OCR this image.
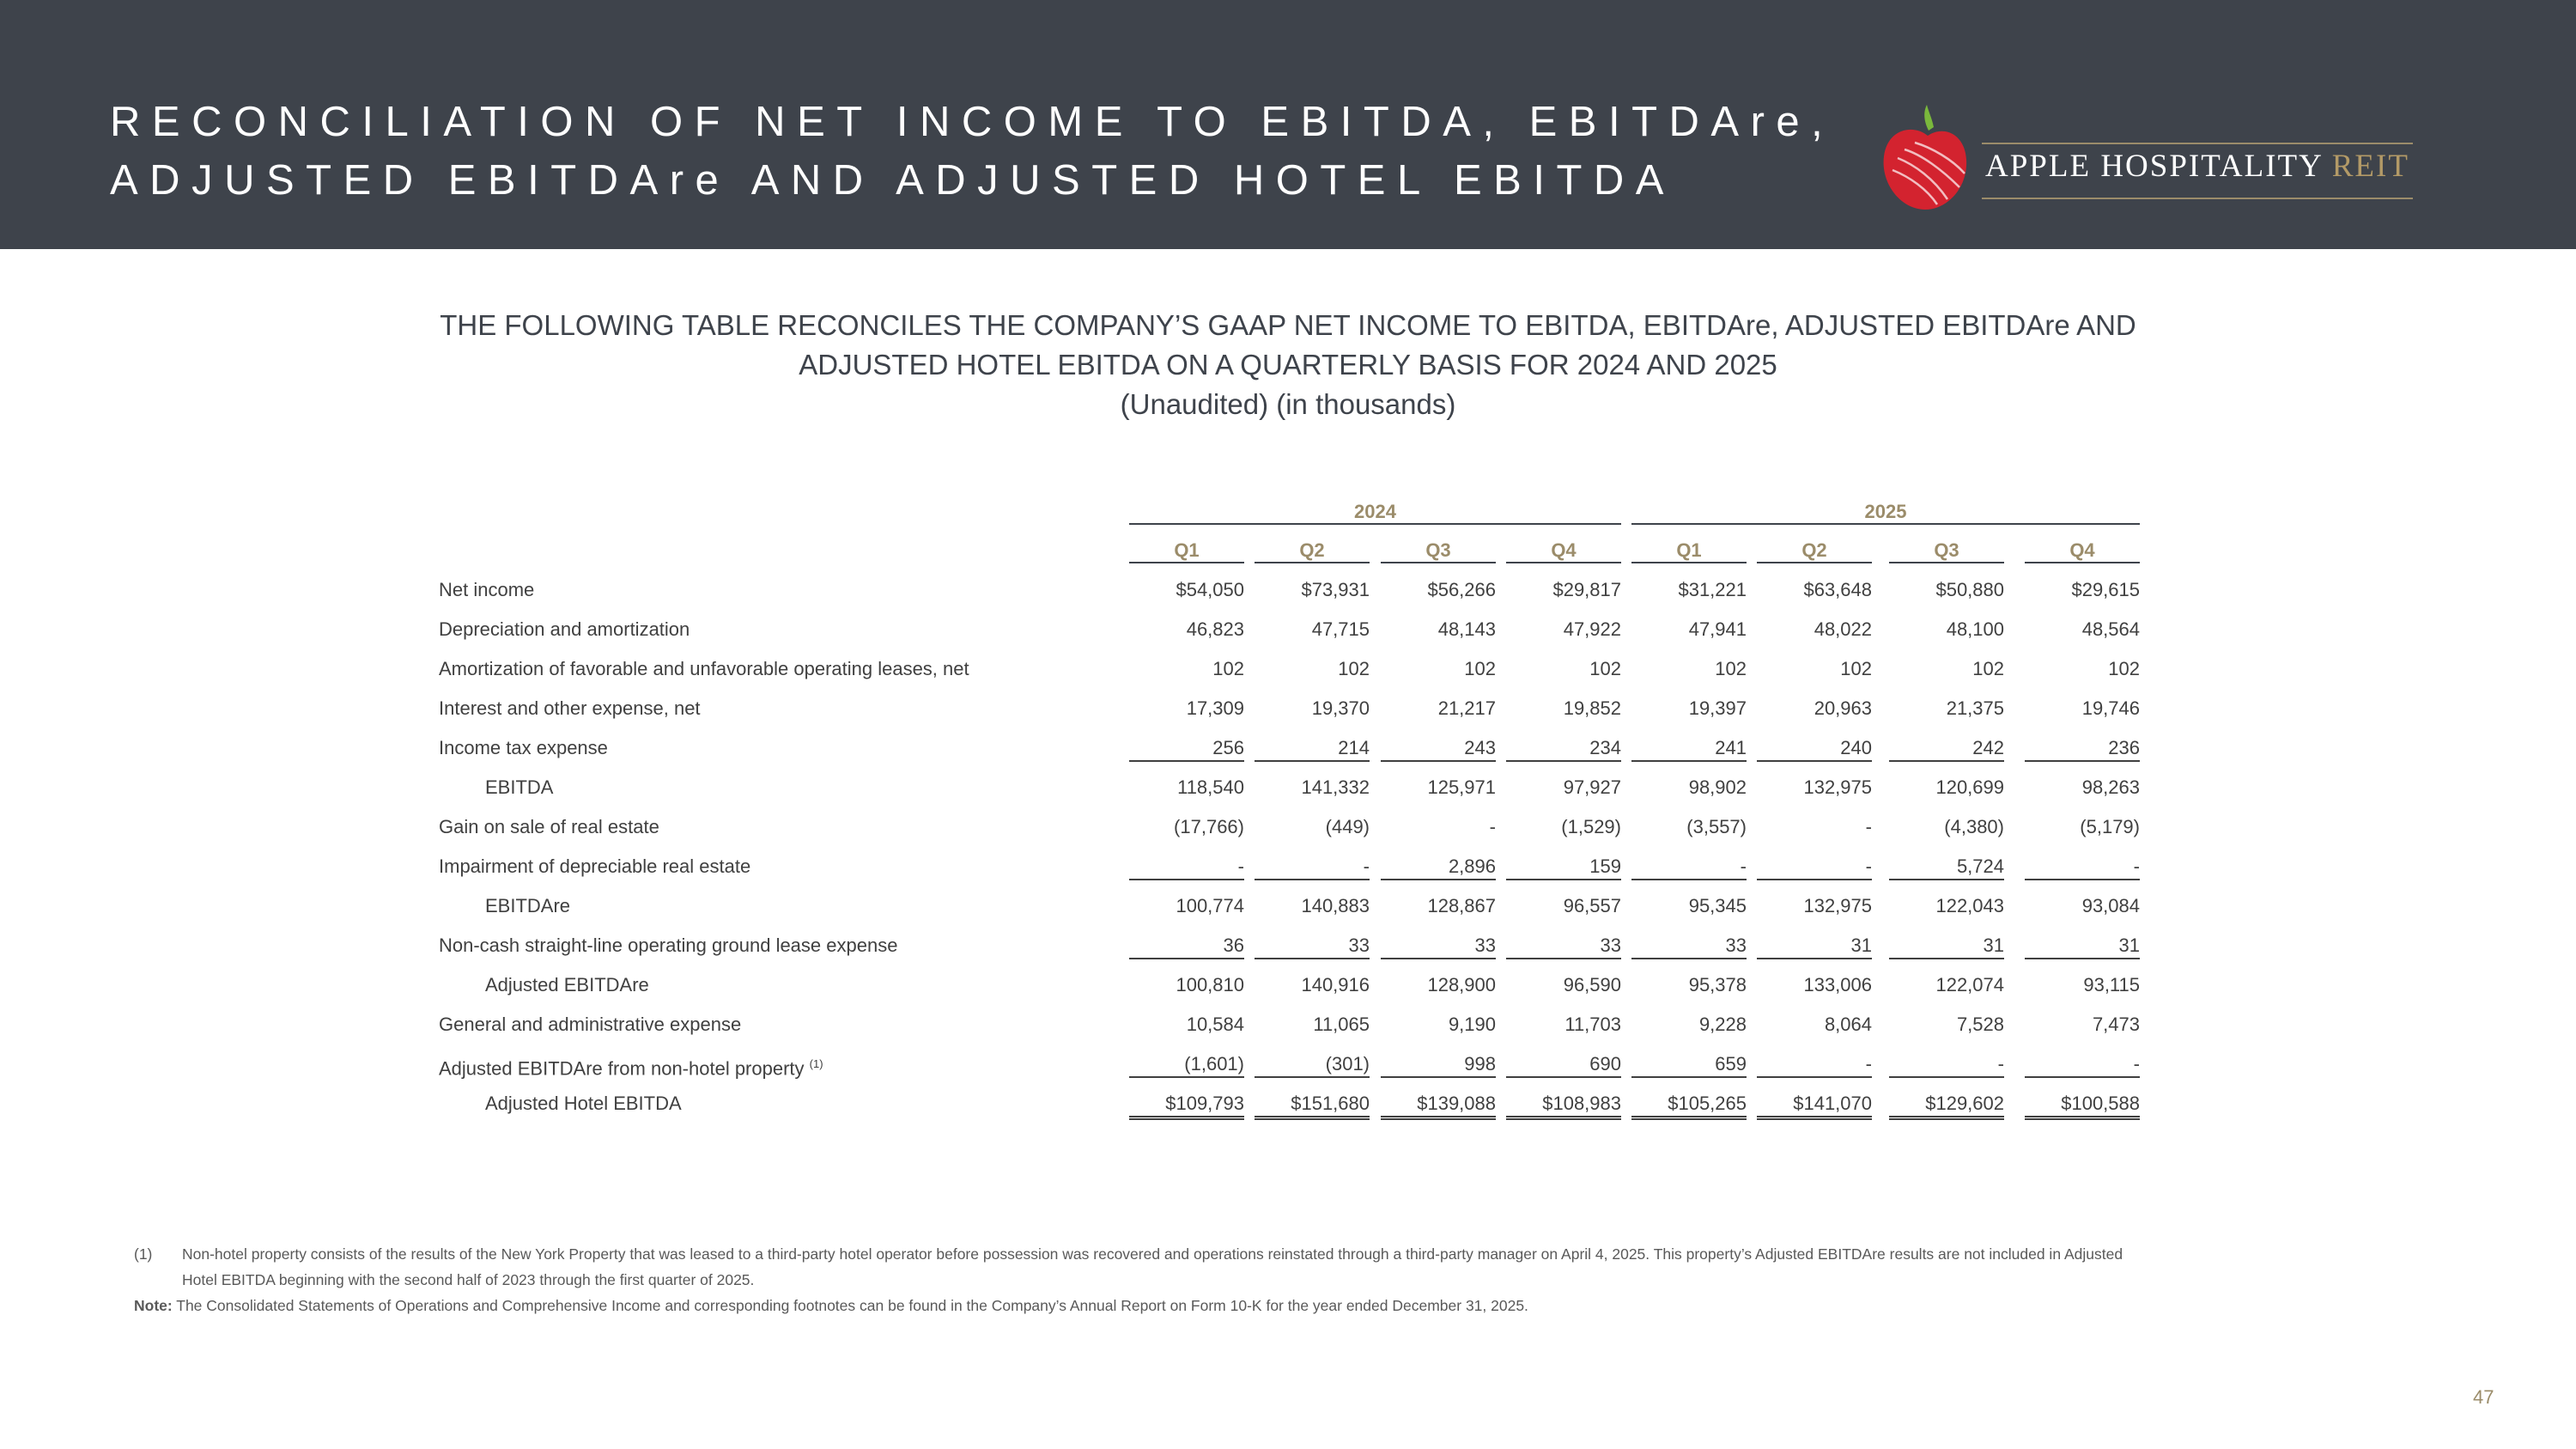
RECONCILIATION OF NET INCOME TO EBITDA, EBITDAre,
ADJUSTED EBITDAre AND ADJUSTED HOTEL EBITDA	APPLE HOSPITALITY REIT
THE FOLLOWING TABLE RECONCILES THE COMPANY’S GAAP NET INCOME TO EBITDA, EBITDAre, ADJUSTED EBITDAre AND
ADJUSTED HOTEL EBITDA ON A QUARTERLY BASIS FOR 2024 AND 2025
(Unaudited) (in thousands)
2024	2025
Q1	Q2	Q3	Q4	Q1	Q2	Q3	Q4
Net income	$54,050	$73,931	$56,266	$29,817	$31,221	$63,648	$50,880	$29,615
Depreciation and amortization	46,823	47,715	48,143	47,922	47,941	48,022	48,100	48,564
Amortization of favorable and unfavorable operating leases, net	102	102	102	102	102	102	102	102
Interest and other expense, net	17,309	19,370	21,217	19,852	19,397	20,963	21,375	19,746
Income tax expense	256	214	243	234	241	240	242	236
EBITDA	118,540	141,332	125,971	97,927	98,902	132,975	120,699	98,263
Gain on sale of real estate	(17,766)	(449)	-	(1,529)	(3,557)	-	(4,380)	(5,179)
Impairment of depreciable real estate	-	-	2,896	159	-	-	5,724	-
EBITDAre	100,774	140,883	128,867	96,557	95,345	132,975	122,043	93,084
Non-cash straight-line operating ground lease expense	36	33	33	33	33	31	31	31
Adjusted EBITDAre	100,810	140,916	128,900	96,590	95,378	133,006	122,074	93,115
General and administrative expense	10,584	11,065	9,190	11,703	9,228	8,064	7,528	7,473
Adjusted EBITDAre from non-hotel property $^{(1)}$	(1,601)	(301)	998	690	659	-	-	-
Adjusted Hotel EBITDA	$109,793	$151,680	$139,088	$108,983	$105,265	$141,070	$129,602	$100,588
(1)	Non-hotel property consists of the results of the New York Property that was leased to a third-party hotel operator before possession was recovered and operations reinstated through a third-party manager on April 4, 2025. This property’s Adjusted EBITDAre results are not included in Adjusted
Hotel EBITDA beginning with the second half of 2023 through the first quarter of 2025.
Note: The Consolidated Statements of Operations and Comprehensive Income and corresponding footnotes can be found in the Company’s Annual Report on Form 10-K for the year ended December 31, 2025.
47
